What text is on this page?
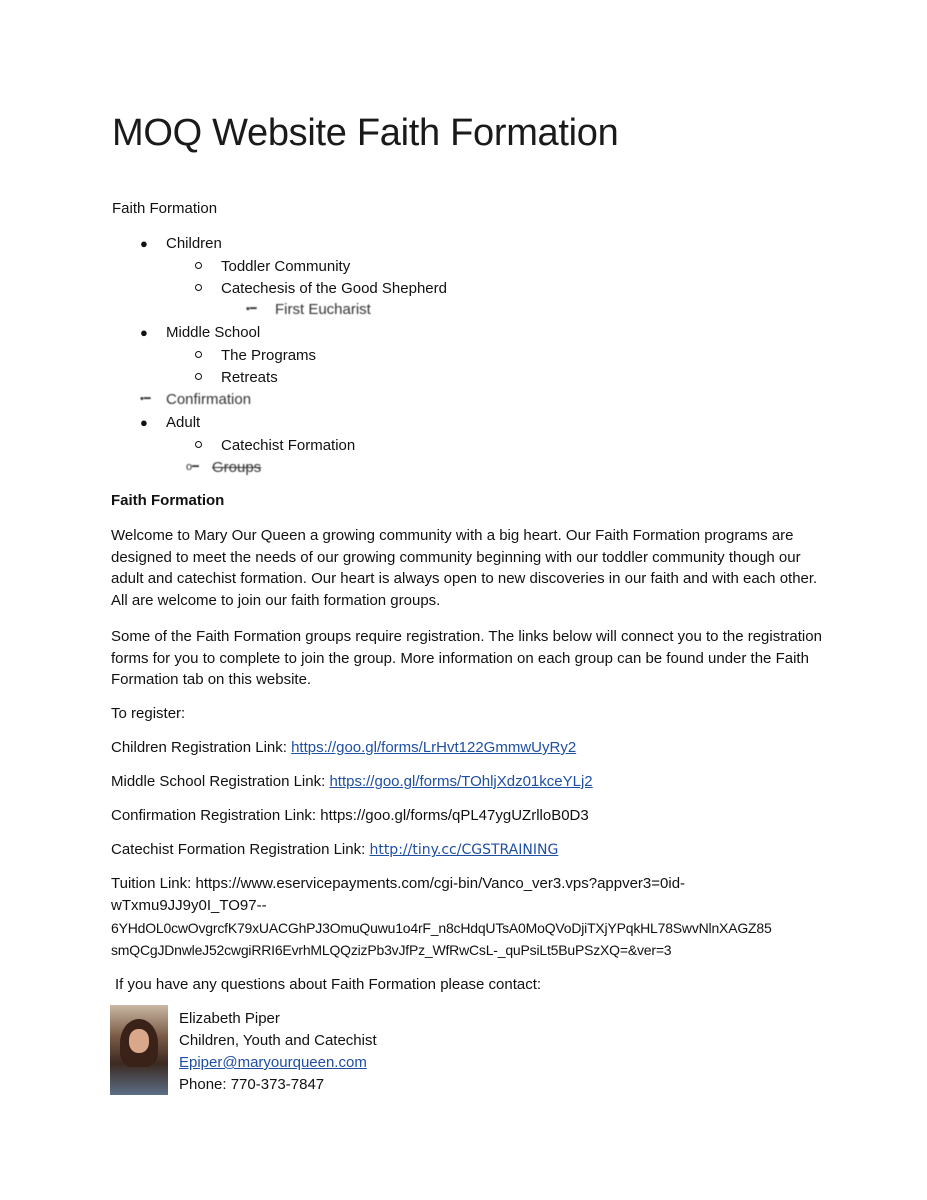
MOQ Website Faith Formation

Faith Formation

● Children

Toddler Community

Catechesis of the Good Shepherd

▪━ First Eucharist

● Middle School

The Programs

Retreats

•━ Confirmation

● Adult

Catechist Formation

o━ Groups

Faith Formation

Welcome to Mary Our Queen a growing community with a big heart. Our Faith Formation programs are designed to meet the needs of our growing community beginning with our toddler community though our adult and catechist formation. Our heart is always open to new discoveries in our faith and with each other. All are welcome to join our faith formation groups.

Some of the Faith Formation groups require registration. The links below will connect you to the registration forms for you to complete to join the group. More information on each group can be found under the Faith Formation tab on this website.

To register:

Children Registration Link: https://goo.gl/forms/LrHvt122GmmwUyRy2

Middle School Registration Link: https://goo.gl/forms/TOhljXdz01kceYLj2

Confirmation Registration Link: https://goo.gl/forms/qPL47ygUZrlloB0D3

Catechist Formation Registration Link: http://tiny.cc/CGSTRAINING

Tuition Link: https://www.eservicepayments.com/cgi-bin/Vanco_ver3.vps?appver3=0id-
wTxmu9JJ9y0I_TO97--
6YHdOL0cwOvgrcfK79xUACGhPJ3OmuQuwu1o4rF_n8cHdqUTsA0MoQVoDjiTXjYPqkHL78SwvNlnXAGZ85
smQCgJDnwleJ52cwgiRRI6EvrhMLQQzizPb3vJfPz_WfRwCsL-_quPsiLt5BuPSzXQ=&ver=3

If you have any questions about Faith Formation please contact:

Elizabeth Piper

Children, Youth and Catechist

Epiper@maryourqueen.com

Phone: 770-373-7847
